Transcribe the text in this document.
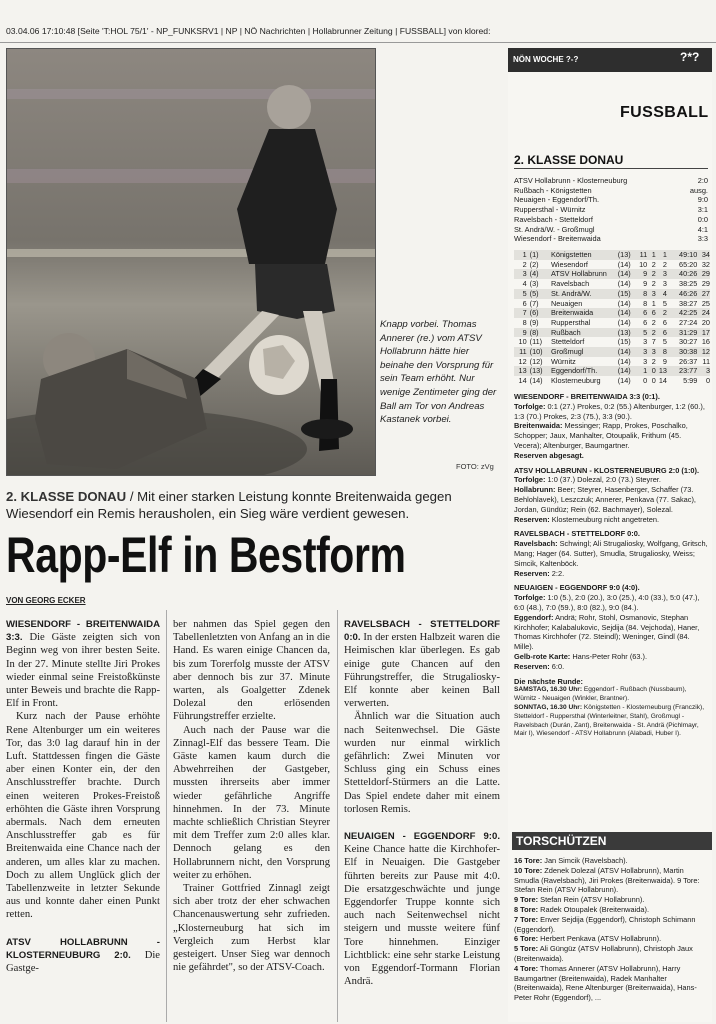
03.04.06 17:10:48 [Seite 'T:HOL 75/1' - NP_FUNKSRV1 | NP | NÖ Nachrichten | Hollabrunner Zeitung | FUSSBALL] von klored:
Knapp vorbei. Thomas Annerer (re.) vom ATSV Hollabrunn hätte hier beinahe den Vorsprung für sein Team erhöht. Nur wenige Zentimeter ging der Ball am Tor von Andreas Kastanek vorbei.
FOTO: zVg
2. KLASSE DONAU / Mit einer starken Leistung konnte Breitenwaida gegen Wiesendorf ein Remis herausholen, ein Sieg wäre verdient gewesen.
Rapp-Elf in Bestform
VON GEORG ECKER

WIESENDORF - BREITENWAIDA 3:3. Die Gäste zeigten sich von Beginn weg von ihrer besten Seite. In der 27. Minute stellte Jiri Prokes wieder einmal seine Freistoßkünste unter Beweis und brachte die Rapp-Elf in Front.

Kurz nach der Pause erhöhte Rene Altenburger um ein weiteres Tor, das 3:0 lag darauf hin in der Luft. Stattdessen fingen die Gäste aber einen Konter ein, der den Anschlusstreffer brachte. Durch einen weiteren Prokes-Freistoß erhöhten die Gäste ihren Vorsprung abermals. Nach dem erneuten Anschlusstreffer gab es für Breitenwaida eine Chance nach der anderen, um alles klar zu machen. Doch zu allem Unglück glich der Tabellenzweite in letzter Sekunde aus und konnte daher einen Punkt retten.

ATSV HOLLABRUNN - KLOSTERNEUBURG 2:0. Die Gastge-

ber nahmen das Spiel gegen den Tabellenletzten von Anfang an in die Hand. Es waren einige Chancen da, bis zum Torerfolg musste der ATSV aber dennoch bis zur 37. Minute warten, als Goalgetter Zdenek Dolezal den erlösenden Führungstreffer erzielte.

Auch nach der Pause war die Zinnagl-Elf das bessere Team. Die Gäste kamen kaum durch die Abwehrreihen der Gastgeber, mussten ihrerseits aber immer wieder gefährliche Angriffe hinnehmen. In der 73. Minute machte schließlich Christian Steyrer mit dem Treffer zum 2:0 alles klar. Dennoch gelang es den Hollabrunnern nicht, den Vorsprung weiter zu erhöhen.

Trainer Gottfried Zinnagl zeigt sich aber trotz der eher schwachen Chancenauswertung sehr zufrieden. „Klosterneuburg hat sich im Vergleich zum Herbst klar gesteigert. Unser Sieg war dennoch nie gefährdet", so der ATSV-Coach.

RAVELSBACH - STETTELDORF 0:0. In der ersten Halbzeit waren die Heimischen klar überlegen. Es gab einige gute Chancen auf den Führungstreffer, die Strugaliosky-Elf konnte aber keinen Ball verwerten.

Ähnlich war die Situation auch nach Seitenwechsel. Die Gäste wurden nur einmal wirklich gefährlich: Zwei Minuten vor Schluss ging ein Schuss eines Stetteldorf-Stürmers an die Latte. Das Spiel endete daher mit einem torlosen Remis.

NEUAIGEN - EGGENDORF 9:0. Keine Chance hatte die Kirchhofer-Elf in Neuaigen. Die Gastgeber führten bereits zur Pause mit 4:0. Die ersatzgeschwächte und junge Eggendorfer Truppe konnte sich auch nach Seitenwechsel nicht steigern und musste weitere fünf Tore hinnehmen. Einziger Lichtblick: eine sehr starke Leistung von Eggendorf-Tormann Florian Andrä.

NÖN WOCHE ?-?	?*?
FUSSBALL
2. KLASSE DONAU
ATSV Hollabrunn - Klosterneuburg	2:0
Rußbach - Königstetten	ausg.
Neuaigen - Eggendorf/Th.	9:0
Ruppersthal - Würnitz	3:1
Ravelsbach - Stetteldorf	0:0
St. Andrä/W. - Großmugl	4:1
Wiesendorf - Breitenwaida	3:3
1	(1)	Königstetten	(13)	11	1	1	49:10	34
2	(2)	Wiesendorf	(14)	10	2	2	65:20	32
3	(4)	ATSV Hollabrunn	(14)	9	2	3	40:26	29
4	(3)	Ravelsbach	(14)	9	2	3	38:25	29
5	(5)	St. Andrä/W.	(15)	8	3	4	46:26	27
6	(7)	Neuaigen	(14)	8	1	5	38:27	25
7	(6)	Breitenwaida	(14)	6	6	2	42:25	24
8	(9)	Ruppersthal	(14)	6	2	6	27:24	20
9	(8)	Rußbach	(13)	5	2	6	31:29	17
10	(11)	Stetteldorf	(15)	3	7	5	30:27	16
11	(10)	Großmugl	(14)	3	3	8	30:38	12
12	(12)	Würnitz	(14)	3	2	9	26:37	11
13	(13)	Eggendorf/Th.	(14)	1	0	13	23:77	3
14	(14)	Klosterneuburg	(14)	0	0	14	5:99	0
WIESENDORF - BREITENWAIDA 3:3 (0:1).
Torfolge: 0:1 (27.) Prokes, 0:2 (55.) Altenburger, 1:2 (60.), 1:3 (70.) Prokes, 2:3 (75.), 3:3 (90.).
Breitenwaida: Messinger; Rapp, Prokes, Poschalko, Schopper; Jaux, Manhalter, Otoupalik, Frithum (45. Vecera); Altenburger, Baumgartner.
Reserven abgesagt.
ATSV HOLLABRUNN - KLOSTERNEUBURG 2:0 (1:0).
Torfolge: 1:0 (37.) Dolezal, 2:0 (73.) Steyrer.
Hollabrunn: Beer; Steyrer, Hasenberger, Schaffer (73. Behlohlavek), Leszczuk; Annerer, Penkava (77. Sakac), Jordan, Gündüz; Rein (62. Bachmayer), Solezal.
Reserven: Klosterneuburg nicht angetreten.
RAVELSBACH - STETTELDORF 0:0.
Ravelsbach: Schwingl; Ali Strugaliosky, Wolfgang, Gritsch, Mang; Hager (64. Sutter), Smudla, Strugaliosky, Weiss; Simcik, Kaltenböck.
Reserven: 2:2.
NEUAIGEN - EGGENDORF 9:0 (4:0).
Torfolge: 1:0 (5.), 2:0 (20.), 3:0 (25.), 4:0 (33.), 5:0 (47.), 6:0 (48.), 7:0 (59.), 8:0 (82.), 9:0 (84.).
Eggendorf: Andrä; Rohr, Stohl, Osmanovic, Stephan Kirchhofer; Kalabalukovic, Sejdija (84. Vejchoda), Haner, Thomas Kirchhofer (72. Steindl); Weninger, Gindl (84. Mille).
Gelb-rote Karte: Hans-Peter Rohr (63.).
Reserven: 6:0.
Die nächste Runde:
SAMSTAG, 16.30 Uhr: Eggendorf - Rußbach (Nussbaum), Würnitz - Neuaigen (Winkler, Brantner).
SONNTAG, 16.30 Uhr: Königstetten - Klosterneuburg (Franczik), Stetteldorf - Ruppersthal (Winterleitner, Stahl), Großmugl - Ravelsbach (Durán, Zant), Breitenwaida - St. Andrä (Pichlmayr, Mair I), Wiesendorf - ATSV Hollabrunn (Alabadi, Huber I).
TORSCHÜTZEN
16 Tore: Jan Simcik (Ravelsbach).
10 Tore: Zdenek Dolezal (ATSV Hollabrunn), Martin Smudla (Ravelsbach), Jiri Prokes (Breitenwaida). 9 Tore: Stefan Rein (ATSV Hollabrunn).
9 Tore: Stefan Rein (ATSV Hollabrunn).
8 Tore: Radek Otoupalek (Breitenwaida).
7 Tore: Enver Sejdija (Eggendorf), Christoph Schimann (Eggendorf).
6 Tore: Herbert Penkava (ATSV Hollabrunn).
5 Tore: Ali Güngüz (ATSV Hollabrunn), Christoph Jaux (Breitenwaida).
4 Tore: Thomas Annerer (ATSV Hollabrunn), Harry Baumgartner (Breitenwaida), Radek Manhalter (Breitenwaida), Rene Altenburger (Breitenwaida), Hans-Peter Rohr (Eggendorf), ...
